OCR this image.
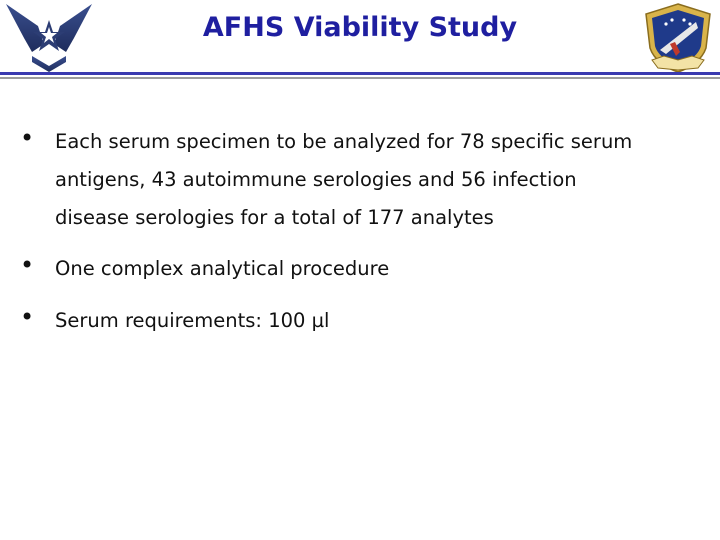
AFHS Viability Study
• Each serum specimen to be analyzed for 78 specific serum
antigens, 43 autoimmune serologies and 56 infection
disease serologies for a total of 177 analytes
• One complex analytical procedure
• Serum requirements: 100 µl
